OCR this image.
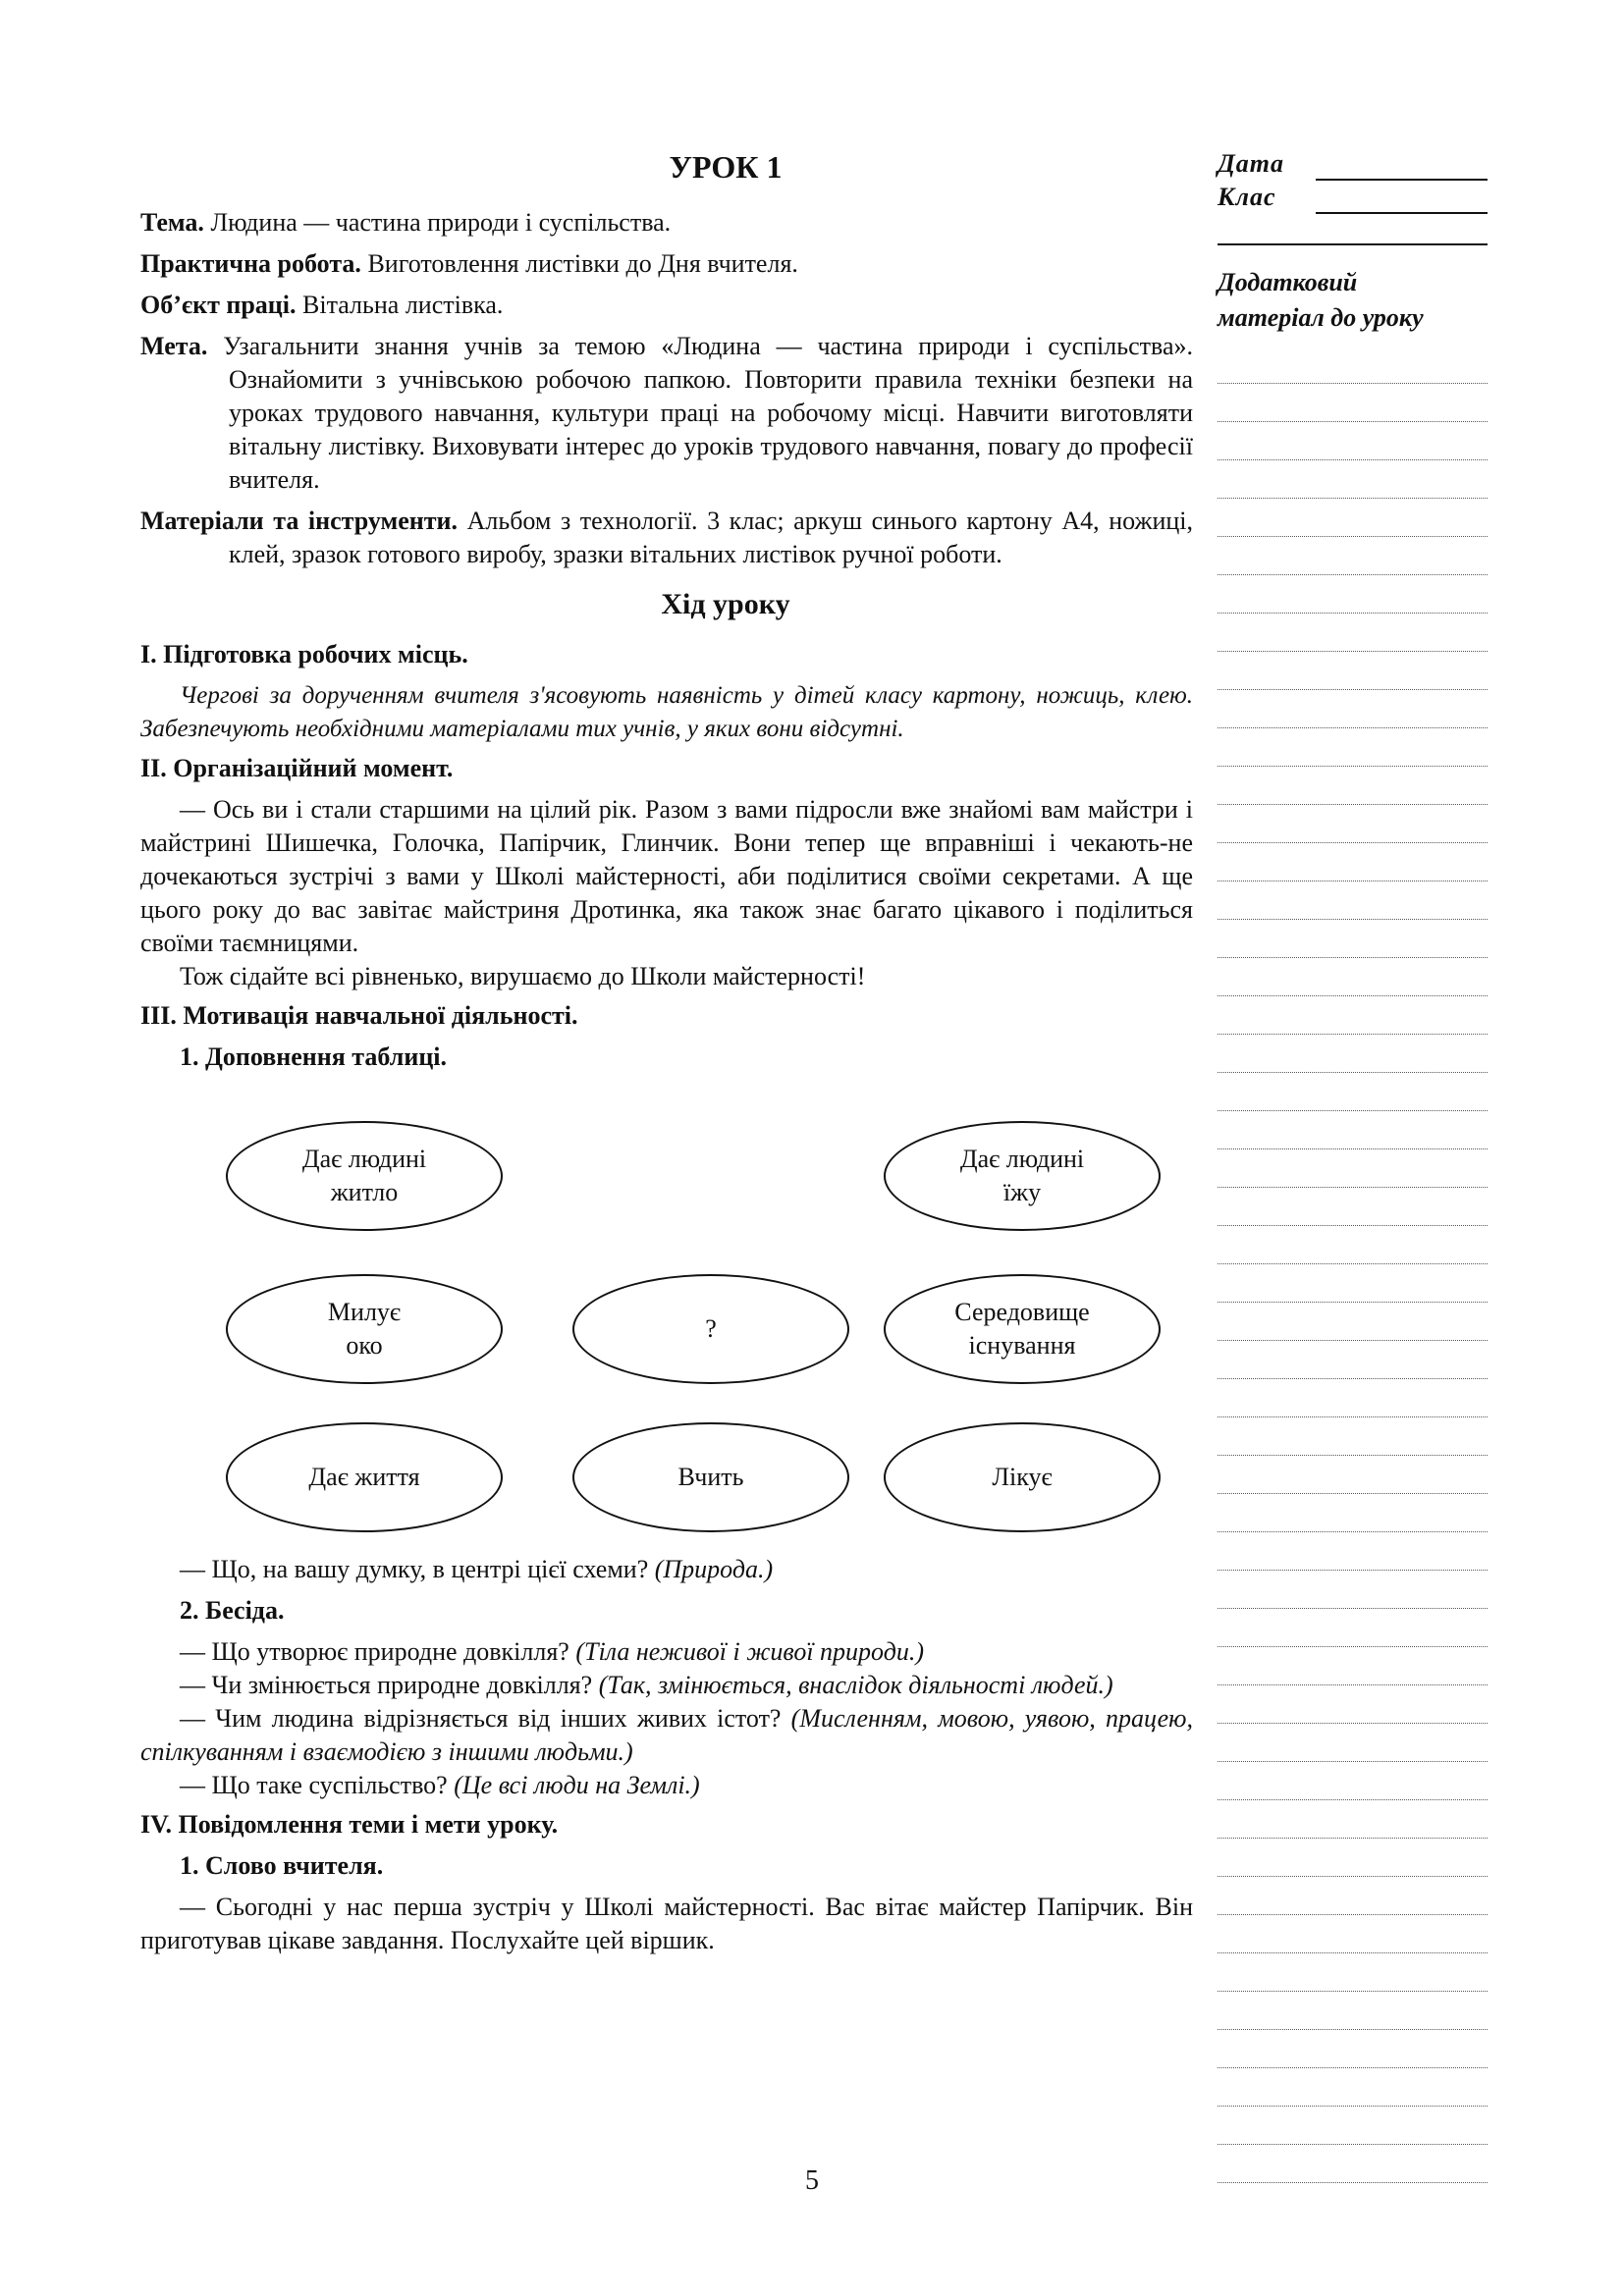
УРОК 1

Тема. Людина — частина природи і суспільства.

Практична робота. Виготовлення листівки до Дня вчителя.

Об’єкт праці. Вітальна листівка.

Мета. Узагальнити знання учнів за темою «Людина — частина природи і суспільства». Ознайомити з учнівською робочою папкою. Повторити правила техніки безпеки на уроках трудового навчання, культури праці на робочому місці. Навчити виготовляти вітальну листівку. Виховувати інтерес до уроків трудового навчання, повагу до професії вчителя.

Матеріали та інструменти. Альбом з технології. 3 клас; аркуш синього картону А4, ножиці, клей, зразок готового виробу, зразки вітальних листівок ручної роботи.

Хід уроку

І. Підготовка робочих місць.

Чергові за дорученням вчителя з'ясовують наявність у дітей класу картону, ножиць, клею. Забезпечують необхідними матеріалами тих учнів, у яких вони відсутні.

ІІ. Організаційний момент.

— Ось ви і стали старшими на цілий рік. Разом з вами підросли вже знайомі вам майстри і майстрині Шишечка, Голочка, Папірчик, Глинчик. Вони тепер ще вправніші і чекають-не дочекаються зустрічі з вами у Школі майстерності, аби поділитися своїми секретами. А ще цього року до вас завітає майстриня Дротинка, яка також знає багато цікавого і поділиться своїми таємницями.

Тож сідайте всі рівненько, вирушаємо до Школи майстерності!

ІІІ. Мотивація навчальної діяльності.

1. Доповнення таблиці.

Дає людині
житло
Дає людині
їжу
Милує
око
?
Середовище
існування
Дає життя	Вчить	Лікує

— Що, на вашу думку, в центрі цієї схеми? (Природа.)

2. Бесіда.

— Що утворює природне довкілля? (Тіла неживої і живої природи.)

— Чи змінюється природне довкілля? (Так, змінюється, внаслідок діяльності людей.)

— Чим людина відрізняється від інших живих істот? (Мисленням, мовою, уявою, працею, спілкуванням і взаємодією з іншими людьми.)

— Що таке суспільство? (Це всі люди на Землі.)

IV. Повідомлення теми і мети уроку.

1. Слово вчителя.

— Сьогодні у нас перша зустріч у Школі майстерності. Вас вітає майстер Папірчик. Він приготував цікаве завдання. Послухайте цей віршик.

Дата
Клас

Додатковий

матеріал до уроку

5
